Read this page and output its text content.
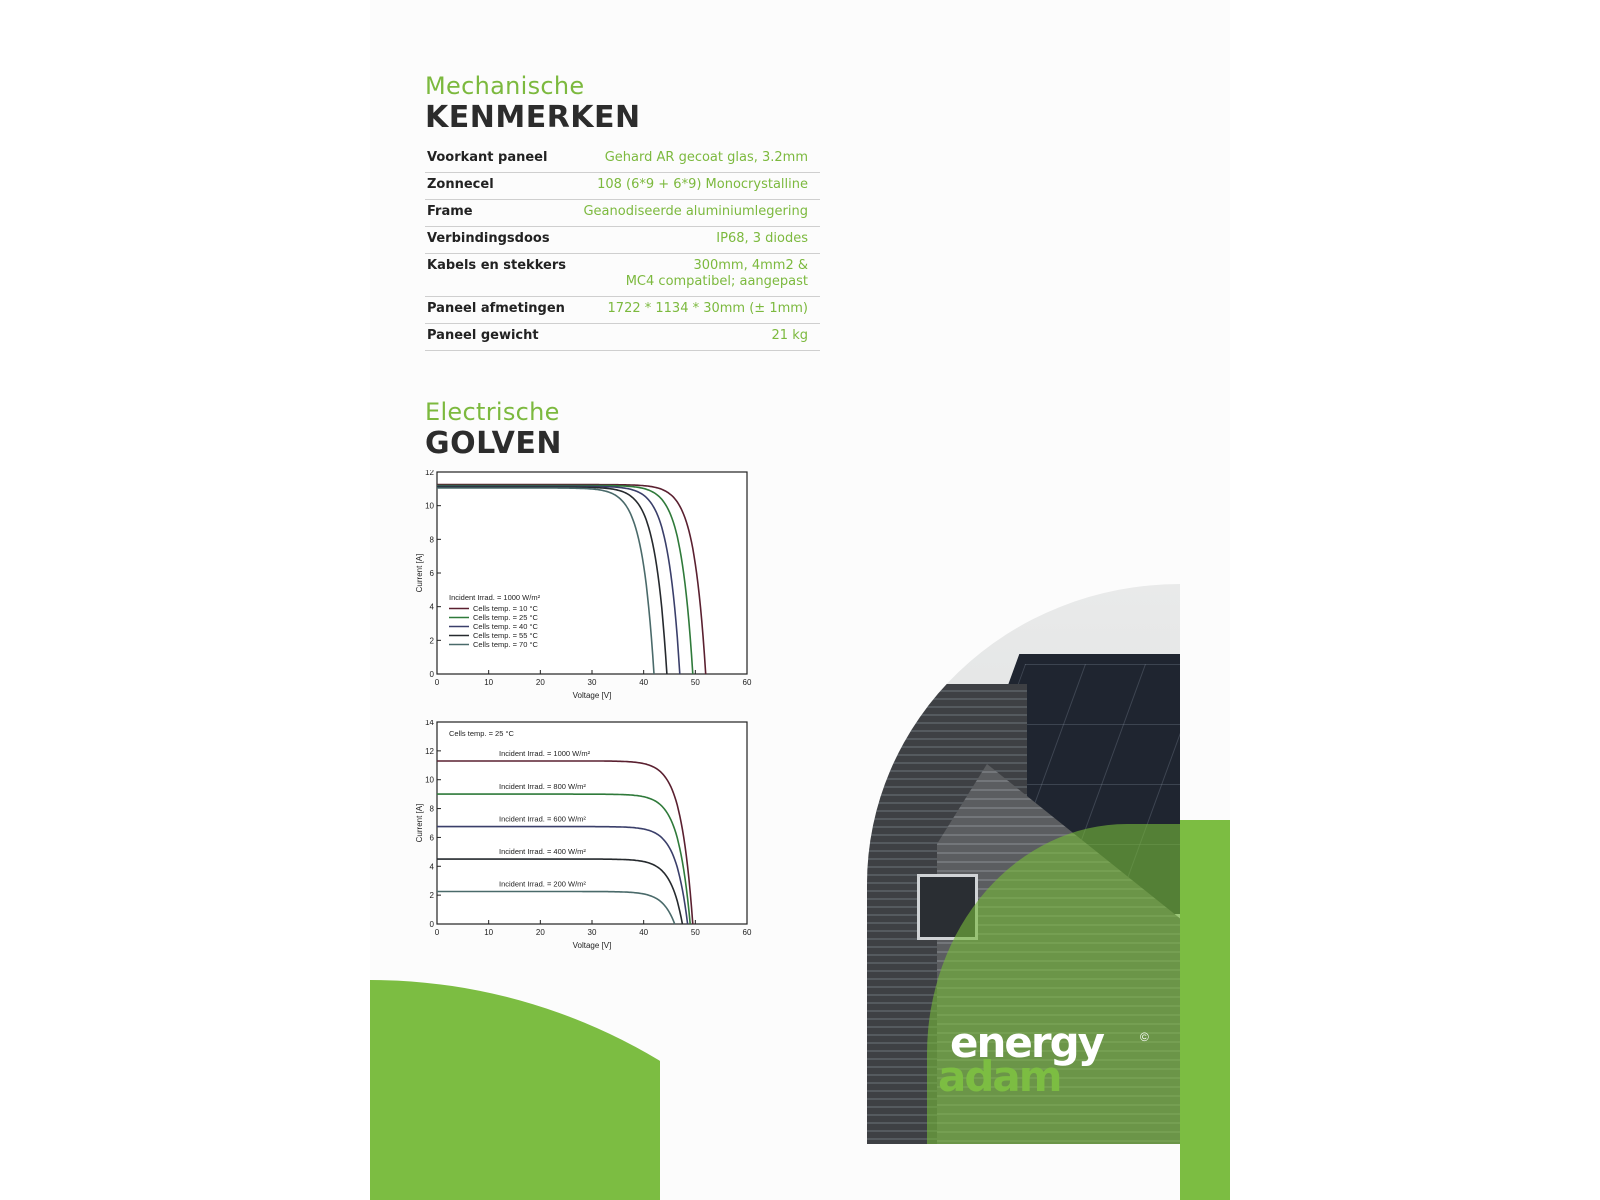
Mechanische
KENMERKEN
Voorkant paneel	Gehard AR gecoat glas, 3.2mm
Zonnecel	108 (6*9 + 6*9) Monocrystalline
Frame	Geanodiseerde aluminiumlegering
Verbindingsdoos	IP68, 3 diodes
Kabels en stekkers	300mm, 4mm2 &
MC4 compatibel; aangepast
Paneel afmetingen	1722 * 1134 * 30mm (± 1mm)
Paneel gewicht	21 kg
Electrische
GOLVEN
0	10	20	30	40	50	60
0
2
4
6
8
10
12
Voltage [V]
Current [A]
Incident Irrad. = 1000 W/m²
Cells temp. = 10 °C
Cells temp. = 25 °C
Cells temp. = 40 °C
Cells temp. = 55 °C
Cells temp. = 70 °C
0	10	20	30	40	50	60
0
2
4
6
8
10
12
14
Voltage [V]
Current [A]
Cells temp. = 25 °C
Incident Irrad. = 1000 W/m²
Incident Irrad. = 800 W/m²
Incident Irrad. = 600 W/m²
Incident Irrad. = 400 W/m²
Incident Irrad. = 200 W/m²
energy
adam
©
